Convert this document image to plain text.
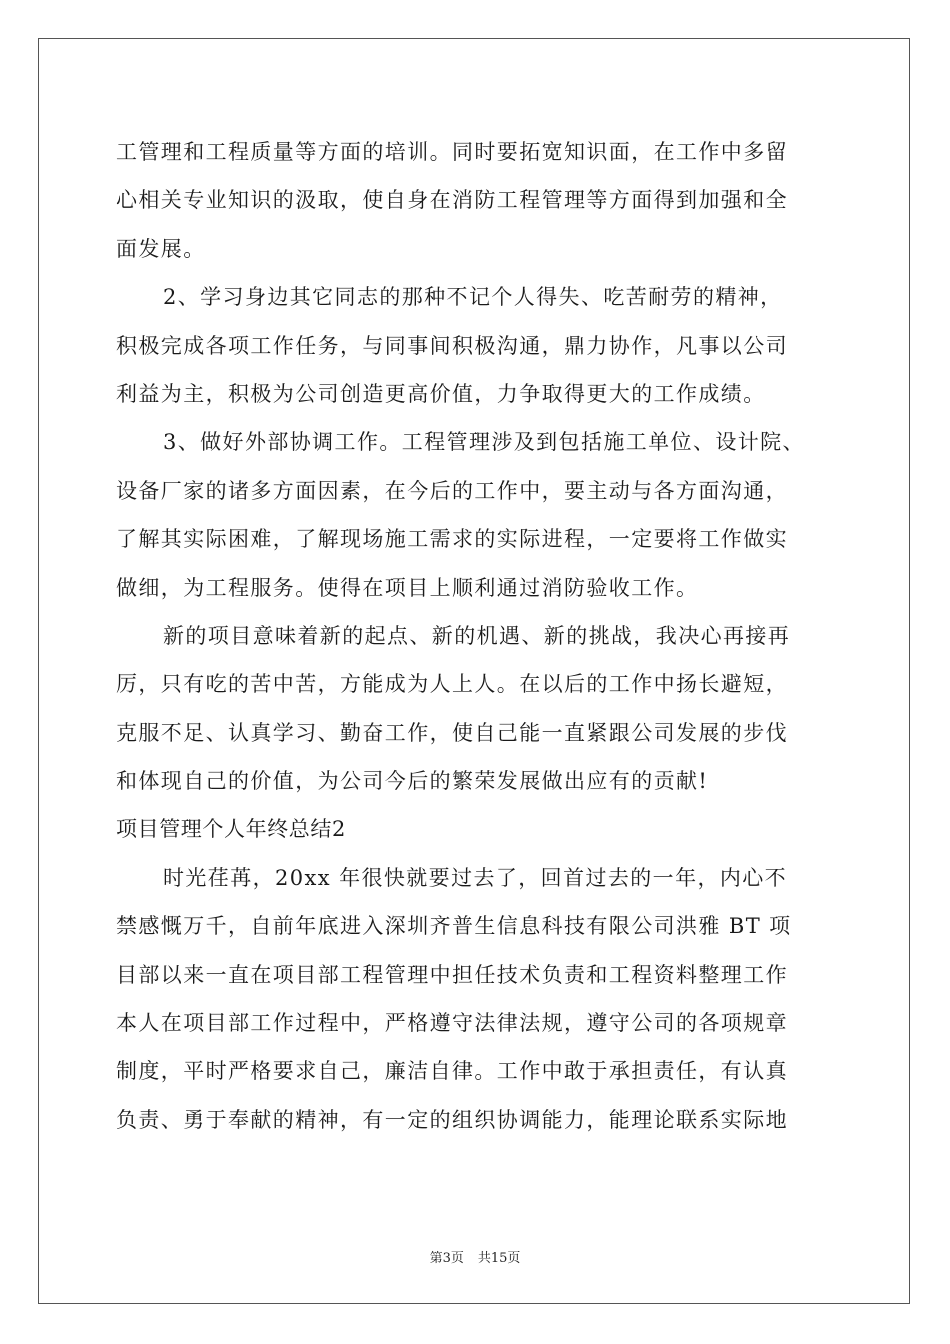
工管理和工程质量等方面的培训。同时要拓宽知识面，在工作中多留
心相关专业知识的汲取，使自身在消防工程管理等方面得到加强和全
面发展。
2、学习身边其它同志的那种不记个人得失、吃苦耐劳的精神，
积极完成各项工作任务，与同事间积极沟通，鼎力协作，凡事以公司
利益为主，积极为公司创造更高价值，力争取得更大的工作成绩。
3、做好外部协调工作。工程管理涉及到包括施工单位、设计院、
设备厂家的诸多方面因素，在今后的工作中，要主动与各方面沟通，
了解其实际困难，了解现场施工需求的实际进程，一定要将工作做实
做细，为工程服务。使得在项目上顺利通过消防验收工作。
新的项目意味着新的起点、新的机遇、新的挑战，我决心再接再
厉，只有吃的苦中苦，方能成为人上人。在以后的工作中扬长避短，
克服不足、认真学习、勤奋工作，使自己能一直紧跟公司发展的步伐
和体现自己的价值，为公司今后的繁荣发展做出应有的贡献!
项目管理个人年终总结2
时光荏苒，20xx 年很快就要过去了，回首过去的一年，内心不
禁感慨万千，自前年底进入深圳齐普生信息科技有限公司洪雅 BT 项
目部以来一直在项目部工程管理中担任技术负责和工程资料整理工作
本人在项目部工作过程中，严格遵守法律法规，遵守公司的各项规章
制度，平时严格要求自己，廉洁自律。工作中敢于承担责任，有认真
负责、勇于奉献的精神，有一定的组织协调能力，能理论联系实际地
第3页 共15页
